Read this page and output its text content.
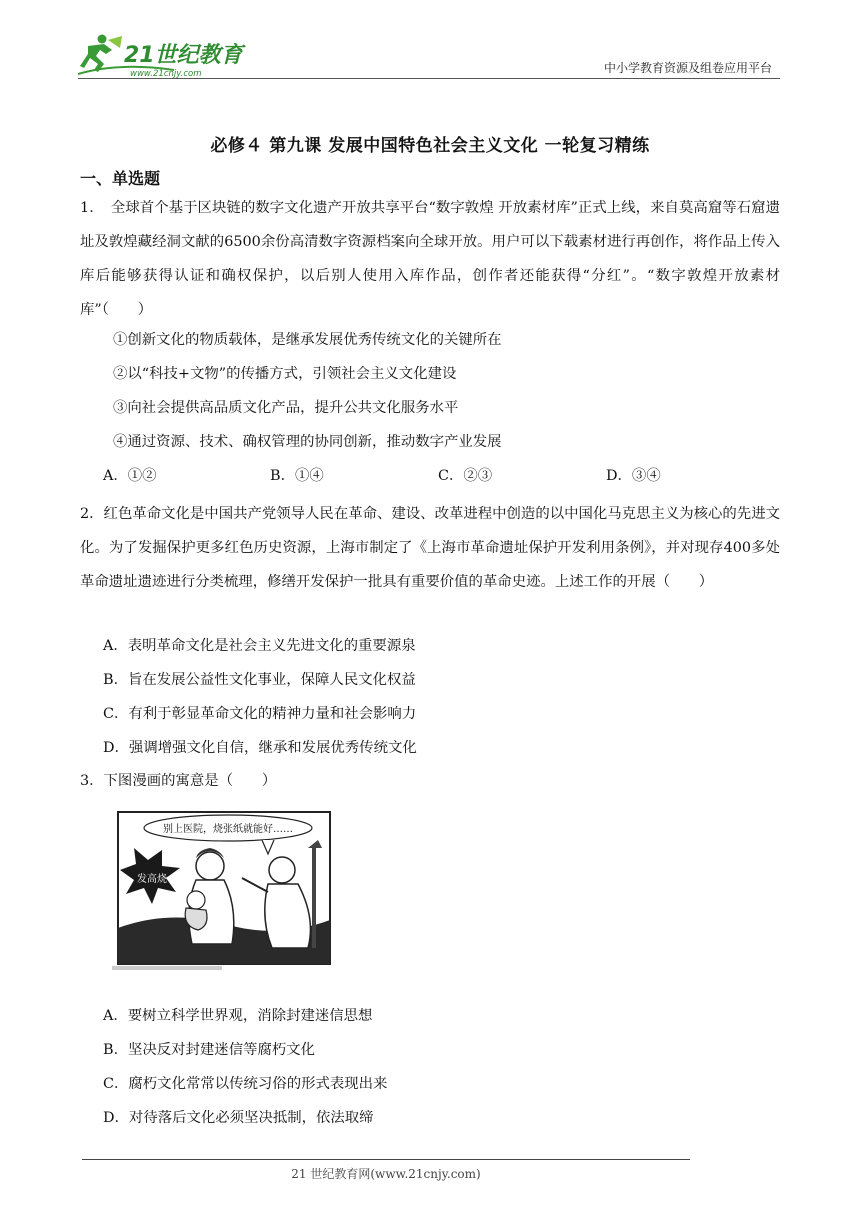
21世纪教育
www.21cnjy.com	中小学教育资源及组卷应用平台
必修４ 第九课 发展中国特色社会主义文化 一轮复习精练
一、单选题

1．　全球首个基于区块链的数字文化遗产开放共享平台“数字敦煌 开放素材库”正式上线，来自莫高窟等石窟遗址及敦煌藏经洞文献的6500余份高清数字资源档案向全球开放。用户可以下载素材进行再创作，将作品上传入库后能够获得认证和确权保护，以后别人使用入库作品，创作者还能获得“分红”。“数字敦煌开放素材库”（　　）

①创新文化的物质载体，是继承发展优秀传统文化的关键所在
②以“科技+文物”的传播方式，引领社会主义文化建设
③向社会提供高品质文化产品，提升公共文化服务水平
④通过资源、技术、确权管理的协同创新，推动数字产业发展
A．①②	B．①④	C．②③	D．③④

2．红色革命文化是中国共产党领导人民在革命、建设、改革进程中创造的以中国化马克思主义为核心的先进文化。为了发掘保护更多红色历史资源，上海市制定了《上海市革命遗址保护开发利用条例》，并对现存400多处革命遗址遗迹进行分类梳理，修缮开发保护一批具有重要价值的革命史迹。上述工作的开展（　　）

A．表明革命文化是社会主义先进文化的重要源泉
B．旨在发展公益性文化事业，保障人民文化权益
C．有利于彰显革命文化的精神力量和社会影响力
D．强调增强文化自信，继承和发展优秀传统文化
3．下图漫画的寓意是（　　）
别上医院，烧张纸就能好……
发高烧
A．要树立科学世界观，消除封建迷信思想
B．坚决反对封建迷信等腐朽文化
C．腐朽文化常常以传统习俗的形式表现出来
D．对待落后文化必须坚决抵制，依法取缔
21 世纪教育网(www.21cnjy.com)
